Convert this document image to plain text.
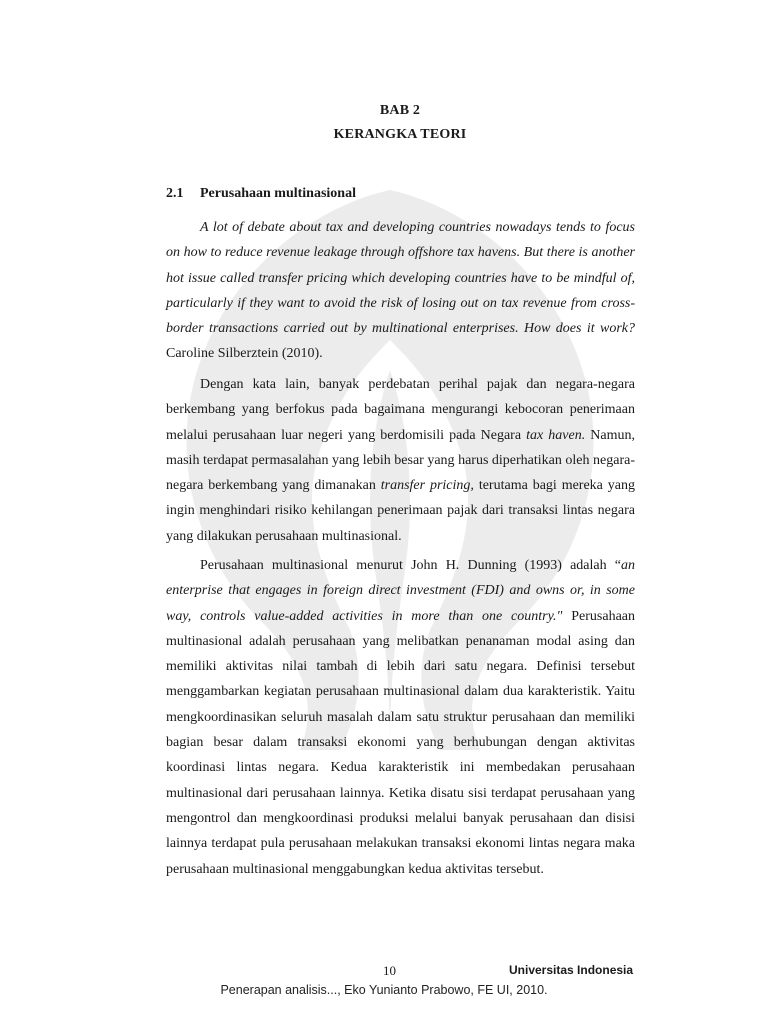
BAB 2
KERANGKA TEORI
2.1 Perusahaan multinasional

A lot of debate about tax and developing countries nowadays tends to focus on how to reduce revenue leakage through offshore tax havens. But there is another hot issue called transfer pricing which developing countries have to be mindful of, particularly if they want to avoid the risk of losing out on tax revenue from cross-border transactions carried out by multinational enterprises. How does it work? Caroline Silberztein (2010).

Dengan kata lain, banyak perdebatan perihal pajak dan negara-negara berkembang yang berfokus pada bagaimana mengurangi kebocoran penerimaan melalui perusahaan luar negeri yang berdomisili pada Negara tax haven. Namun, masih terdapat permasalahan yang lebih besar yang harus diperhatikan oleh negara-negara berkembang yang dimanakan transfer pricing, terutama bagi mereka yang ingin menghindari risiko kehilangan penerimaan pajak dari transaksi lintas negara yang dilakukan perusahaan multinasional.

Perusahaan multinasional menurut John H. Dunning (1993) adalah “an enterprise that engages in foreign direct investment (FDI) and owns or, in some way, controls value-added activities in more than one country." Perusahaan multinasional adalah perusahaan yang melibatkan penanaman modal asing dan memiliki aktivitas nilai tambah di lebih dari satu negara. Definisi tersebut menggambarkan kegiatan perusahaan multinasional dalam dua karakteristik. Yaitu mengkoordinasikan seluruh masalah dalam satu struktur perusahaan dan memiliki bagian besar dalam transaksi ekonomi yang berhubungan dengan aktivitas koordinasi lintas negara. Kedua karakteristik ini membedakan perusahaan multinasional dari perusahaan lainnya. Ketika disatu sisi terdapat perusahaan yang mengontrol dan mengkoordinasi produksi melalui banyak perusahaan dan disisi lainnya terdapat pula perusahaan melakukan transaksi ekonomi lintas negara maka perusahaan multinasional menggabungkan kedua aktivitas tersebut.

10	Universitas Indonesia
Penerapan analisis..., Eko Yunianto Prabowo, FE UI, 2010.
